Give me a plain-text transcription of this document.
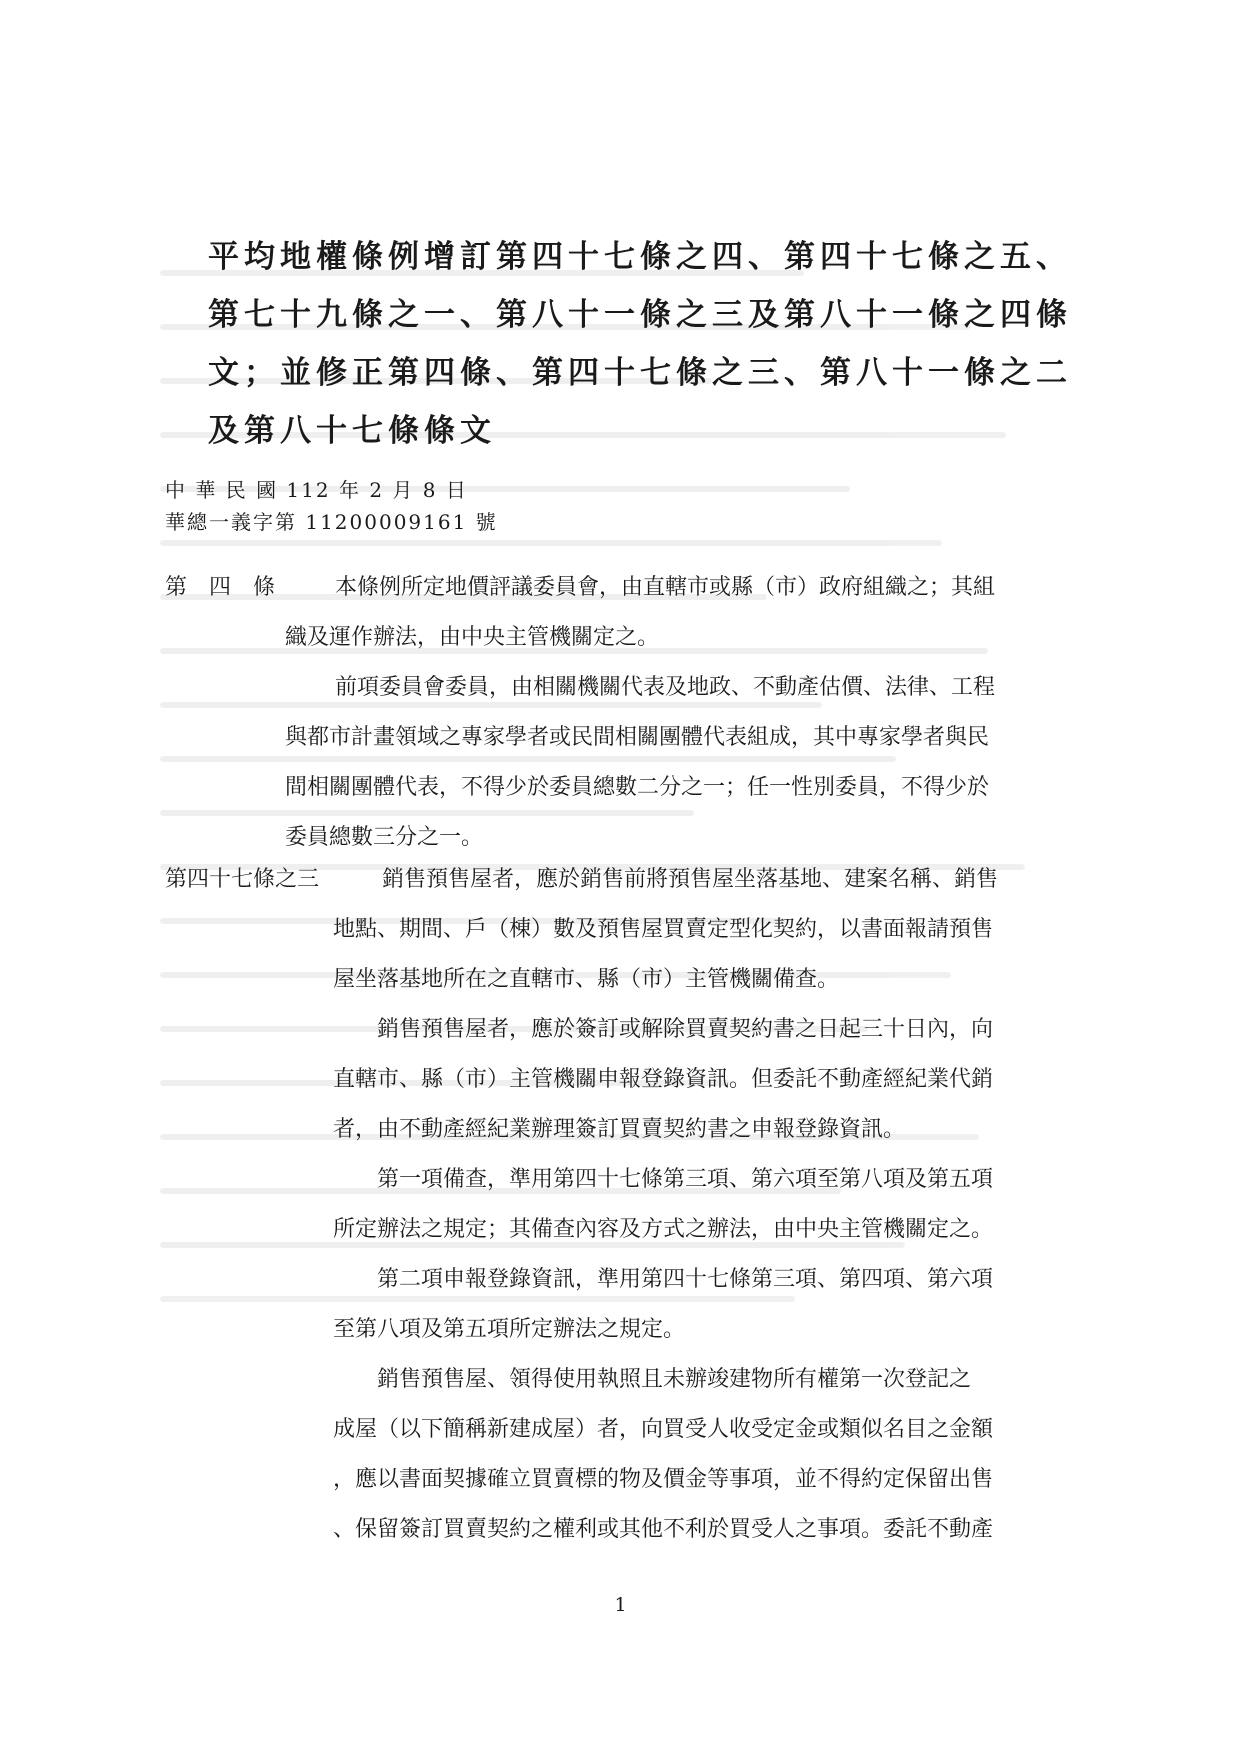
平均地權條例增訂第四十七條之四、第四十七條之五、
第七十九條之一、第八十一條之三及第八十一條之四條
文；並修正第四條、第四十七條之三、第八十一條之二
及第八十七條條文
中 華 民 國 112 年 2 月 8 日
華總一義字第 11200009161 號
第　四　條	本條例所定地價評議委員會，由直轄市或縣（市）政府組織之；其組
織及運作辦法，由中央主管機關定之。
前項委員會委員，由相關機關代表及地政、不動產估價、法律、工程
與都市計畫領域之專家學者或民間相關團體代表組成，其中專家學者與民
間相關團體代表，不得少於委員總數二分之一；任一性別委員，不得少於
委員總數三分之一。
第四十七條之三	銷售預售屋者，應於銷售前將預售屋坐落基地、建案名稱、銷售
地點、期間、戶（棟）數及預售屋買賣定型化契約，以書面報請預售
屋坐落基地所在之直轄市、縣（市）主管機關備查。
銷售預售屋者，應於簽訂或解除買賣契約書之日起三十日內，向
直轄市、縣（市）主管機關申報登錄資訊。但委託不動產經紀業代銷
者，由不動產經紀業辦理簽訂買賣契約書之申報登錄資訊。
第一項備查，準用第四十七條第三項、第六項至第八項及第五項
所定辦法之規定；其備查內容及方式之辦法，由中央主管機關定之。
第二項申報登錄資訊，準用第四十七條第三項、第四項、第六項
至第八項及第五項所定辦法之規定。
銷售預售屋、領得使用執照且未辦竣建物所有權第一次登記之
成屋（以下簡稱新建成屋）者，向買受人收受定金或類似名目之金額
，應以書面契據確立買賣標的物及價金等事項，並不得約定保留出售
、保留簽訂買賣契約之權利或其他不利於買受人之事項。委託不動產
1
